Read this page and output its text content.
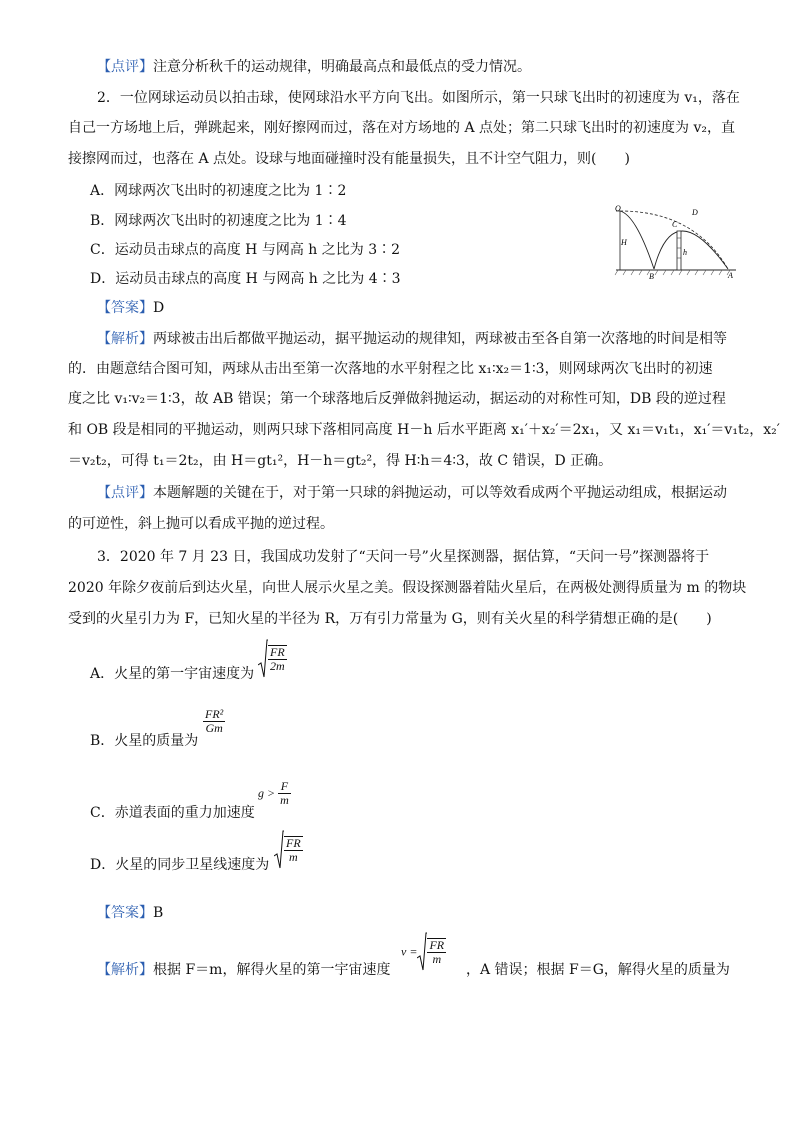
【点评】注意分析秋千的运动规律，明确最高点和最低点的受力情况。
2．一位网球运动员以拍击球，使网球沿水平方向飞出。如图所示，第一只球飞出时的初速度为 v₁，落在
自己一方场地上后，弹跳起来，刚好擦网而过，落在对方场地的 A 点处；第二只球飞出时的初速度为 v₂，直
接擦网而过，也落在 A 点处。设球与地面碰撞时没有能量损失，且不计空气阻力，则(　　)
A．网球两次飞出时的初速度之比为 1∶2
B．网球两次飞出时的初速度之比为 1∶4
C．运动员击球点的高度 H 与网高 h 之比为 3∶2
D．运动员击球点的高度 H 与网高 h 之比为 4∶3
O
H
B
C
D
h
A
【答案】D
【解析】两球被击出后都做平抛运动，据平抛运动的规律知，两球被击至各自第一次落地的时间是相等
的．由题意结合图可知，两球从击出至第一次落地的水平射程之比 x₁∶x₂＝1∶3，则网球两次飞出时的初速
度之比 v₁∶v₂＝1∶3，故 AB 错误；第一个球落地后反弹做斜抛运动，据运动的对称性可知，DB 段的逆过程
和 OB 段是相同的平抛运动，则两只球下落相同高度 H－h 后水平距离 x₁′＋x₂′＝2x₁，又 x₁＝v₁t₁，x₁′＝v₁t₂，x₂′
＝v₂t₂，可得 t₁＝2t₂，由 H＝gt₁²，H－h＝gt₂²，得 H∶h＝4∶3，故 C 错误，D 正确。
【点评】本题解题的关键在于，对于第一只球的斜抛运动，可以等效看成两个平抛运动组成，根据运动
的可逆性，斜上抛可以看成平抛的逆过程。
3．2020 年 7 月 23 日，我国成功发射了“天问一号”火星探测器，据估算，“天问一号”探测器将于
2020 年除夕夜前后到达火星，向世人展示火星之美。假设探测器着陆火星后，在两极处测得质量为 m 的物块
受到的火星引力为 F，已知火星的半径为 R，万有引力常量为 G，则有关火星的科学猜想正确的是(　　)
A．火星的第一宇宙速度为
$\frac{FR}{2m}$
B．火星的质量为
$\frac{\text{FR²}}{Gm}$
C．赤道表面的重力加速度
$g > \frac{F}{m}$
D．火星的同步卫星线速度为
$\frac{FR}{m}$
【答案】B
【解析】根据 F＝m，解得火星的第一宇宙速度
$v = \frac{FR}{m}$
，A 错误；根据 F＝G，解得火星的质量为
